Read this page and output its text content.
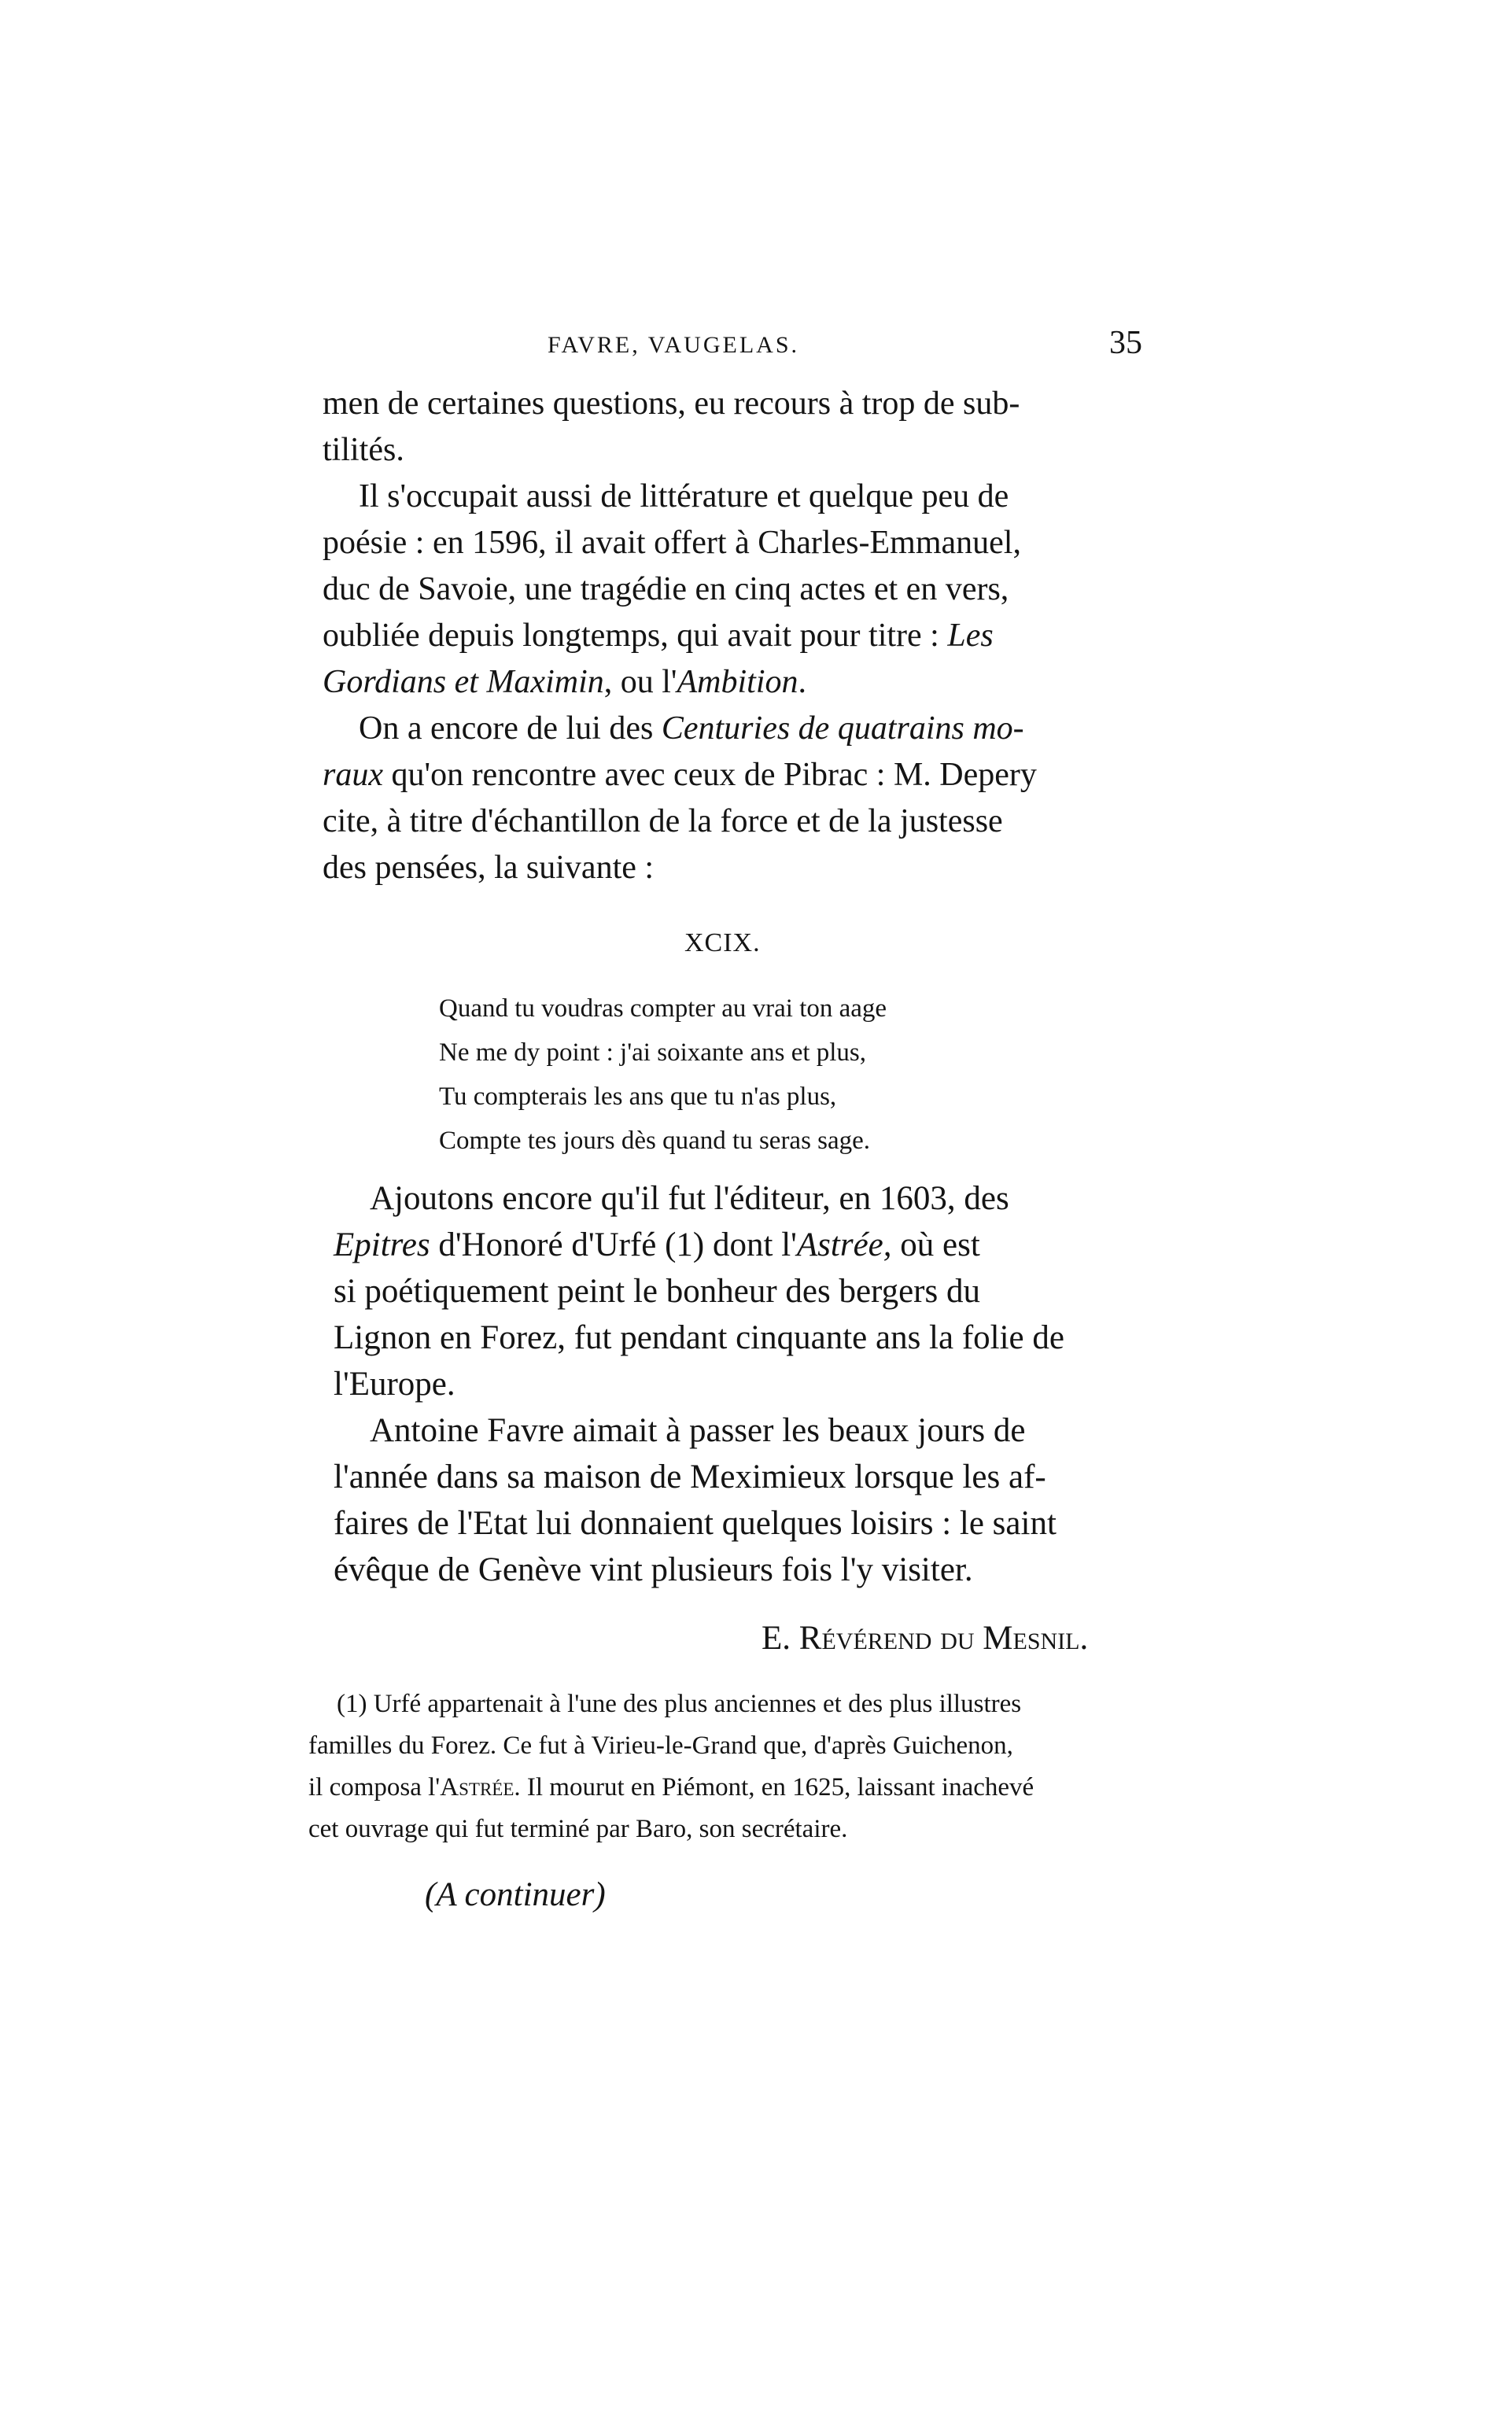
FAVRE, VAUGELAS.	35
men de certaines questions, eu recours à trop de sub-
tilités.
Il s'occupait aussi de littérature et quelque peu de
poésie : en 1596, il avait offert à Charles-Emmanuel,
duc de Savoie, une tragédie en cinq actes et en vers,
oubliée depuis longtemps, qui avait pour titre : Les
Gordians et Maximin, ou l'Ambition.
On a encore de lui des Centuries de quatrains mo-
raux qu'on rencontre avec ceux de Pibrac : M. Depery
cite, à titre d'échantillon de la force et de la justesse
des pensées, la suivante :
XCIX.
Quand tu voudras compter au vrai ton aage
Ne me dy point : j'ai soixante ans et plus,
Tu compterais les ans que tu n'as plus,
Compte tes jours dès quand tu seras sage.
Ajoutons encore qu'il fut l'éditeur, en 1603, des
Epitres d'Honoré d'Urfé (1) dont l'Astrée, où est
si poétiquement peint le bonheur des bergers du
Lignon en Forez, fut pendant cinquante ans la folie de
l'Europe.
Antoine Favre aimait à passer les beaux jours de
l'année dans sa maison de Meximieux lorsque les af-
faires de l'Etat lui donnaient quelques loisirs : le saint
évêque de Genève vint plusieurs fois l'y visiter.
E. Révérend du Mesnil.
(1) Urfé appartenait à l'une des plus anciennes et des plus illustres
familles du Forez. Ce fut à Virieu-le-Grand que, d'après Guichenon,
il composa l'Astrée. Il mourut en Piémont, en 1625, laissant inachevé
cet ouvrage qui fut terminé par Baro, son secrétaire.
(A continuer)
